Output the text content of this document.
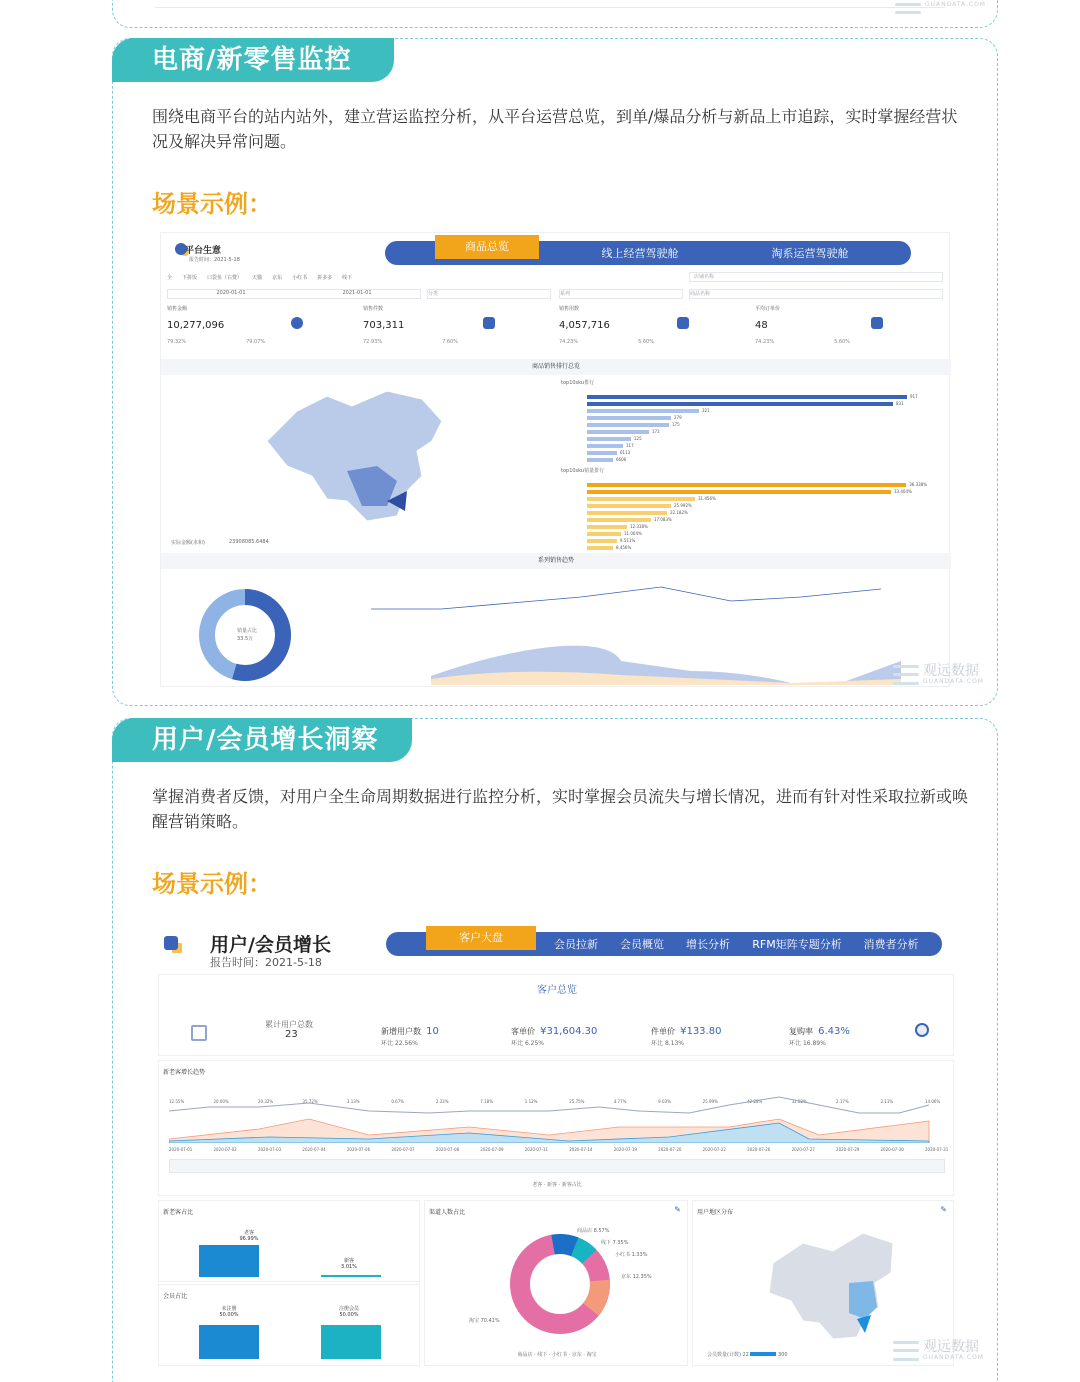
GUANDATA.COM
电商/新零售监控
围绕电商平台的站内站外，建立营运监控分析，从平台运营总览，到单/爆品分析与新品上市追踪，实时掌握经营状况及解决异常问题。
场景示例：
平台生意
报告时间：2021-5-18
商品总览
线上经营驾驶舱	淘系运营驾驶舱
全 下拼饭 口袋鱼（右赞） 天猫 京东 小红书 拼多多 线下	店铺名称
2020-01-01	2021-01-01	分类	系列	商品名称
销售金额
10,277,096
79.32%	79.07%
销售件数
703,311
72.93%	7.60%
销售用数
4,057,716
74.23%	5.60%
平均订单价
48
74.23%	5.60%
商品销售排行总览
实际金额(求和)	23908085.6484
top10sku排行
917
831
321
279
175
172
125
117
6113
6606
top10sku销量排行
36.338%
33.404%
31.456%
25.992%
22.182%
17.083%
12.338%
11.004%
9.511%
8.456%
系列销售趋势
销量占比
33.5万
观远数据
GUANDATA.COM
用户/会员增长洞察
掌握消费者反馈，对用户全生命周期数据进行监控分析，实时掌握会员流失与增长情况，进而有针对性采取拉新或唤醒营销策略。
场景示例：
用户/会员增长
报告时间：2021-5-18
客户大盘
会员拉新	会员概览	增长分析	RFM矩阵专题分析	消费者分析
客户总览
累计用户总数
23	新增用户数 10
环比 22.56%
客单价 ¥31,604.30
环比 6.25%
件单价 ¥133.80
环比 8.13%
复购率 6.43%
环比 16.89%
新老客增长趋势
12.55%	20.00%	20.32%	35.72%	3.13%	0.67%	2.33%	7.18%	1.12%	25.75%	4.77%	9.03%	25.99%	42.28%	32.82%	2.17%	2.11%	14.06%
2020-07-01	2020-07-02	2020-07-03	2020-07-04	2020-07-06	2020-07-07	2020-07-08	2020-07-09	2020-07-11	2020-07-14	2020-07-19	2020-07-20	2020-07-22	2020-07-26	2020-07-27	2020-07-29	2020-07-30	2020-07-31
老客 · 新客 · 新客占比
新老客占比
老客
96.99%
新客
3.01%
会员占比
未注册
50.00%
注册会员
50.00%
渠道人数占比	✎
京东 12.35%
商品店 8.57%
线下 7.35%
小红书 1.33%
淘宝 70.41%
商品店 · 线下 · 小红书 · 京东 · 淘宝
用户地区分布	✎
会员数量(计数) 22	300	观远数据
GUANDATA.COM
